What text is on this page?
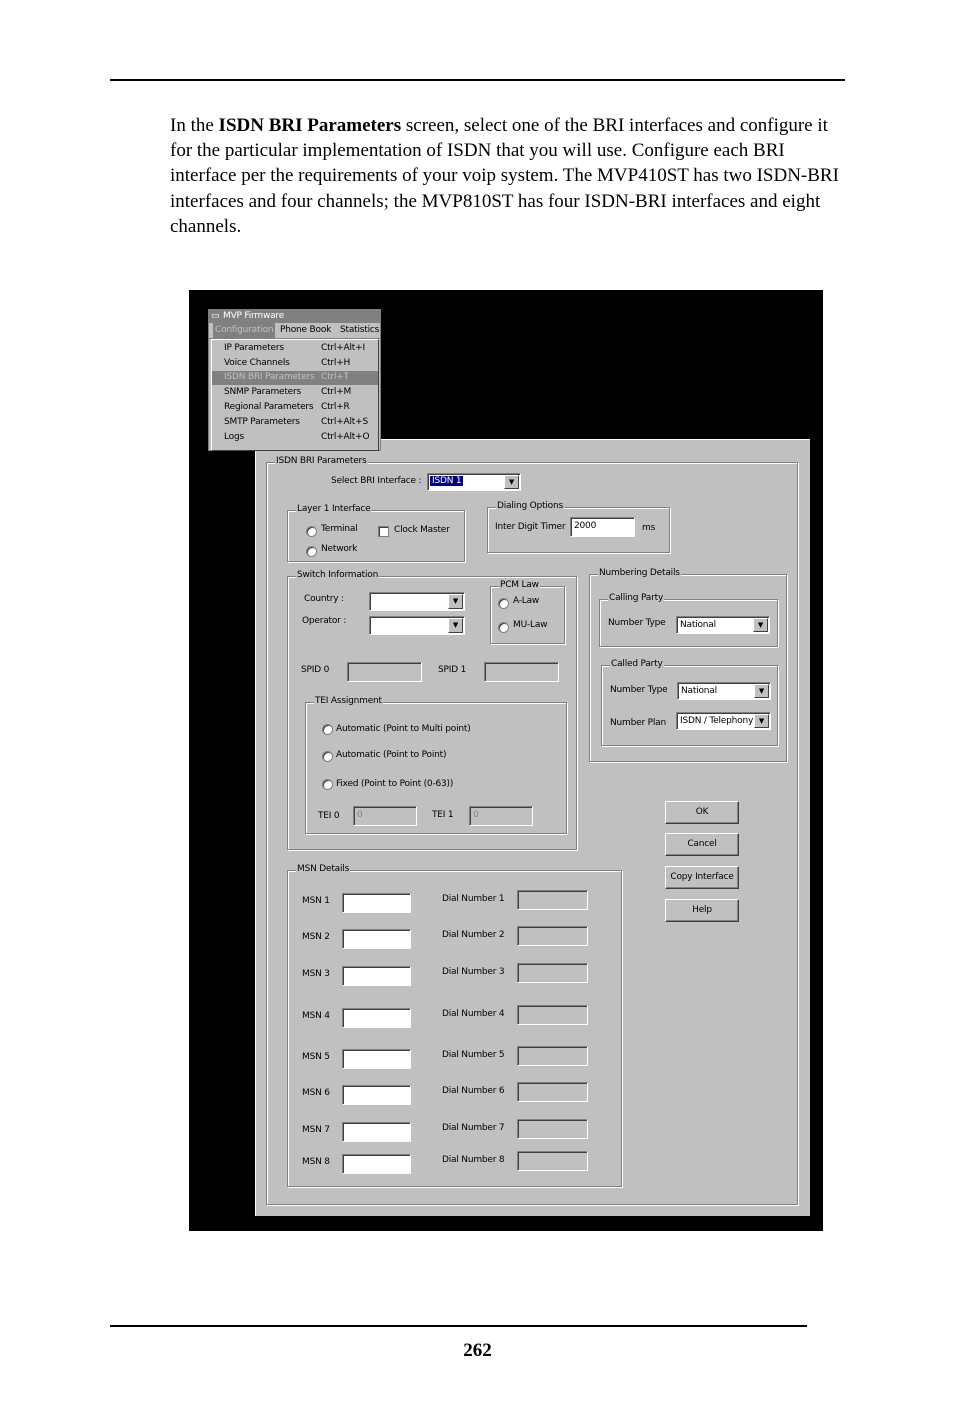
In the ISDN BRI Parameters screen, select one of the BRI interfaces and configure it for the particular implementation of ISDN that you will use. Configure each BRI interface per the requirements of your voip system. The MVP410ST has two ISDN-BRI interfaces and four channels; the MVP810ST has four ISDN-BRI interfaces and eight channels.

ISDN BRI Parameters
Select BRI Interface : ISDN 1	▼
Layer 1 Interface
Terminal	Clock Master
Network
Dialing Options
Inter Digit Timer 2000	ms
Switch Information
Country :	▼
Operator :	▼
PCM Law
A-Law
MU-Law
SPID 0	SPID 1
TEI Assignment
Automatic (Point to Multi point)
Automatic (Point to Point)
Fixed (Point to Point (0-63))
TEI 0 0	TEI 1 0
Numbering Details
Calling Party
Number Type National	▼
Called Party
Number Type National	▼
Number Plan ISDN / Telephony ▼
OK
Cancel
Copy Interface
Help
MSN Details
MSN 1	Dial Number 1
MSN 2	Dial Number 2
MSN 3	Dial Number 3
MSN 4	Dial Number 4
MSN 5	Dial Number 5
MSN 6	Dial Number 6
MSN 7	Dial Number 7
MSN 8	Dial Number 8
▭ MVP Firmware
Configuration Phone Book Statistics
IP Parameters	Ctrl+Alt+I
Voice Channels	Ctrl+H
ISDN BRI Parameters Ctrl+T
SNMP Parameters Ctrl+M
Regional Parameters Ctrl+R
SMTP Parameters Ctrl+Alt+S
Logs	Ctrl+Alt+O
262
